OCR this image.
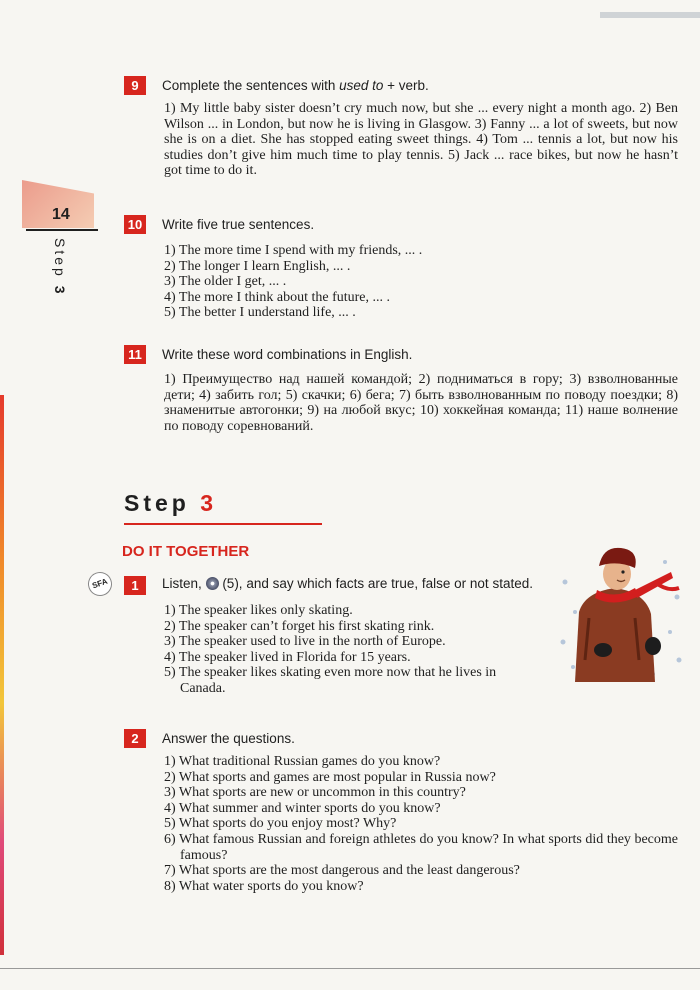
14
Step 3
9	Complete the sentences with used to + verb.
1) My little baby sister doesn’t cry much now, but she ... every night a month ago. 2) Ben Wilson ... in London, but now he is living in Glasgow. 3) Fanny ... a lot of sweets, but now she is on a diet. She has stopped eating sweet things. 4) Tom ... tennis a lot, but now his studies don’t give him much time to play tennis. 5) Jack ... race bikes, but now he hasn’t got time to do it.
10 Write five true sentences.
1) The more time I spend with my friends, ... .
2) The longer I learn English, ... .
3) The older I get, ... .
4) The more I think about the future, ... .
5) The better I understand life, ... .
11	Write these word combinations in English.
1) Преимущество над нашей командой; 2) подниматься в гору; 3) взволнованные дети; 4) забить гол; 5) скачки; 6) бега; 7) быть взволнованным по поводу поездки; 8) знаменитые автогонки; 9) на любой вкус; 10) хоккейная команда; 11) наше волнение по поводу соревнований.
Step 3
DO IT TOGETHER
SFA	1	Listen, (5), and say which facts are true, false or not stated.
1) The speaker likes only skating.
2) The speaker can’t forget his first skating rink.
3) The speaker used to live in the north of Europe.
4) The speaker lived in Florida for 15 years.
5) The speaker likes skating even more now that he lives in Canada.
2	Answer the questions.
1) What traditional Russian games do you know?
2) What sports and games are most popular in Russia now?
3) What sports are new or uncommon in this country?
4) What summer and winter sports do you know?
5) What sports do you enjoy most? Why?
6) What famous Russian and foreign athletes do you know? In what sports did they become famous?
7) What sports are the most dangerous and the least dangerous?
8) What water sports do you know?
